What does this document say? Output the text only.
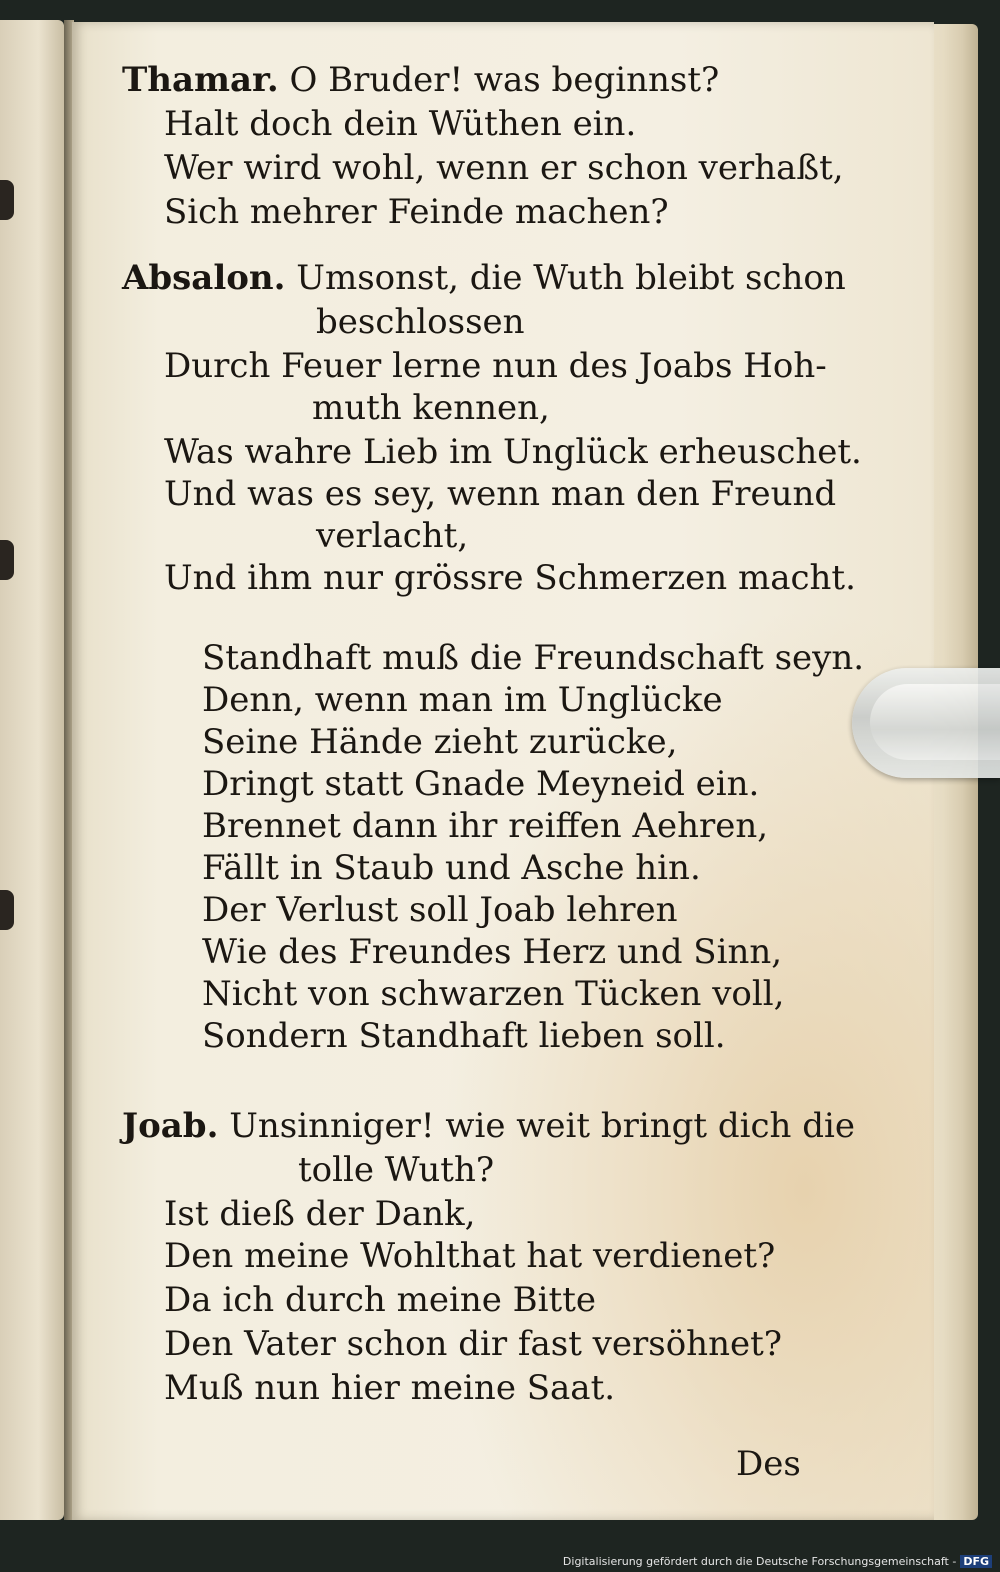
Thamar. O Bruder! was beginnst?
Halt doch dein Wüthen ein.
Wer wird wohl, wenn er schon verhaßt,
Sich mehrer Feinde machen?
Absalon. Umsonst, die Wuth bleibt schon
beschlossen
Durch Feuer lerne nun des Joabs Hoh-
muth kennen,
Was wahre Lieb im Unglück erheuschet.
Und was es sey, wenn man den Freund
verlacht,
Und ihm nur grössre Schmerzen macht.
Standhaft muß die Freundschaft seyn.
Denn, wenn man im Unglücke
Seine Hände zieht zurücke,
Dringt statt Gnade Meyneid ein.
Brennet dann ihr reiffen Aehren,
Fällt in Staub und Asche hin.
Der Verlust soll Joab lehren
Wie des Freundes Herz und Sinn,
Nicht von schwarzen Tücken voll,
Sondern Standhaft lieben soll.
Joab. Unsinniger! wie weit bringt dich die
tolle Wuth?
Ist dieß der Dank,
Den meine Wohlthat hat verdienet?
Da ich durch meine Bitte
Den Vater schon dir fast versöhnet?
Muß nun hier meine Saat.
Des
Digitalisierung gefördert durch die Deutsche Forschungsgemeinschaft - DFG
